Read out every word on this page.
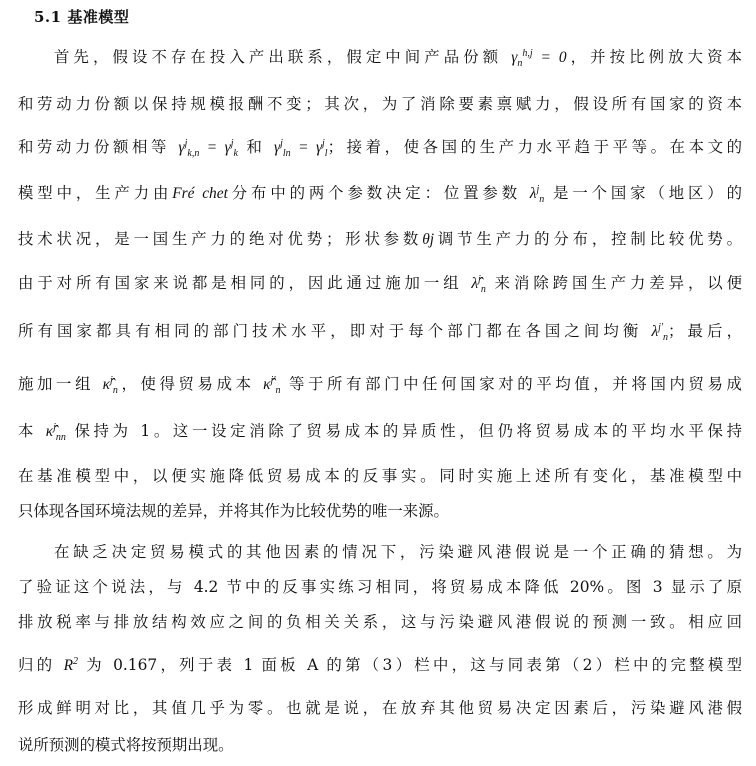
5.1 基准模型
首先，假设不存在投入产出联系，假定中间产品份额 $\gamma_n^{h,j} = 0$，并按比例放大资本
和劳动力份额以保持规模报酬不变；其次，为了消除要素禀赋力，假设所有国家的资本
和劳动力份额相等 $\gamma^j_{k,n} = \gamma^j_k$ 和 $\gamma^j_{ln} = \gamma^j_l$；接着，使各国的生产力水平趋于平等。在本文的
模型中，生产力由Fré chet分布中的两个参数决定：位置参数 $\lambda^j_n$ 是一个国家（地区）的
技术状况，是一国生产力的绝对优势；形状参数θj调节生产力的分布，控制比较优势。
由于对所有国家来说都是相同的，因此通过施加一组 λ̂$^j_n$ 来消除跨国生产力差异，以便
所有国家都具有相同的部门技术水平，即对于每个部门都在各国之间均衡 $\lambda^{j'}_n$；最后，
施加一组 κ̂$^j_n$，使得贸易成本 κ̂$^{j'}_n$ 等于所有部门中任何国家对的平均值，并将国内贸易成
本 κ̂$^j_{nn}$ 保持为 1。这一设定消除了贸易成本的异质性，但仍将贸易成本的平均水平保持
在基准模型中，以便实施降低贸易成本的反事实。同时实施上述所有变化，基准模型中
只体现各国环境法规的差异，并将其作为比较优势的唯一来源。
在缺乏决定贸易模式的其他因素的情况下，污染避风港假说是一个正确的猜想。为
了验证这个说法，与 4.2 节中的反事实练习相同，将贸易成本降低 20%。图 3 显示了原
排放税率与排放结构效应之间的负相关关系，这与污染避风港假说的预测一致。相应回
归的 $R^2$ 为 0.167，列于表 1 面板 A 的第（3）栏中，这与同表第（2）栏中的完整模型
形成鲜明对比，其值几乎为零。也就是说，在放弃其他贸易决定因素后，污染避风港假
说所预测的模式将按预期出现。
